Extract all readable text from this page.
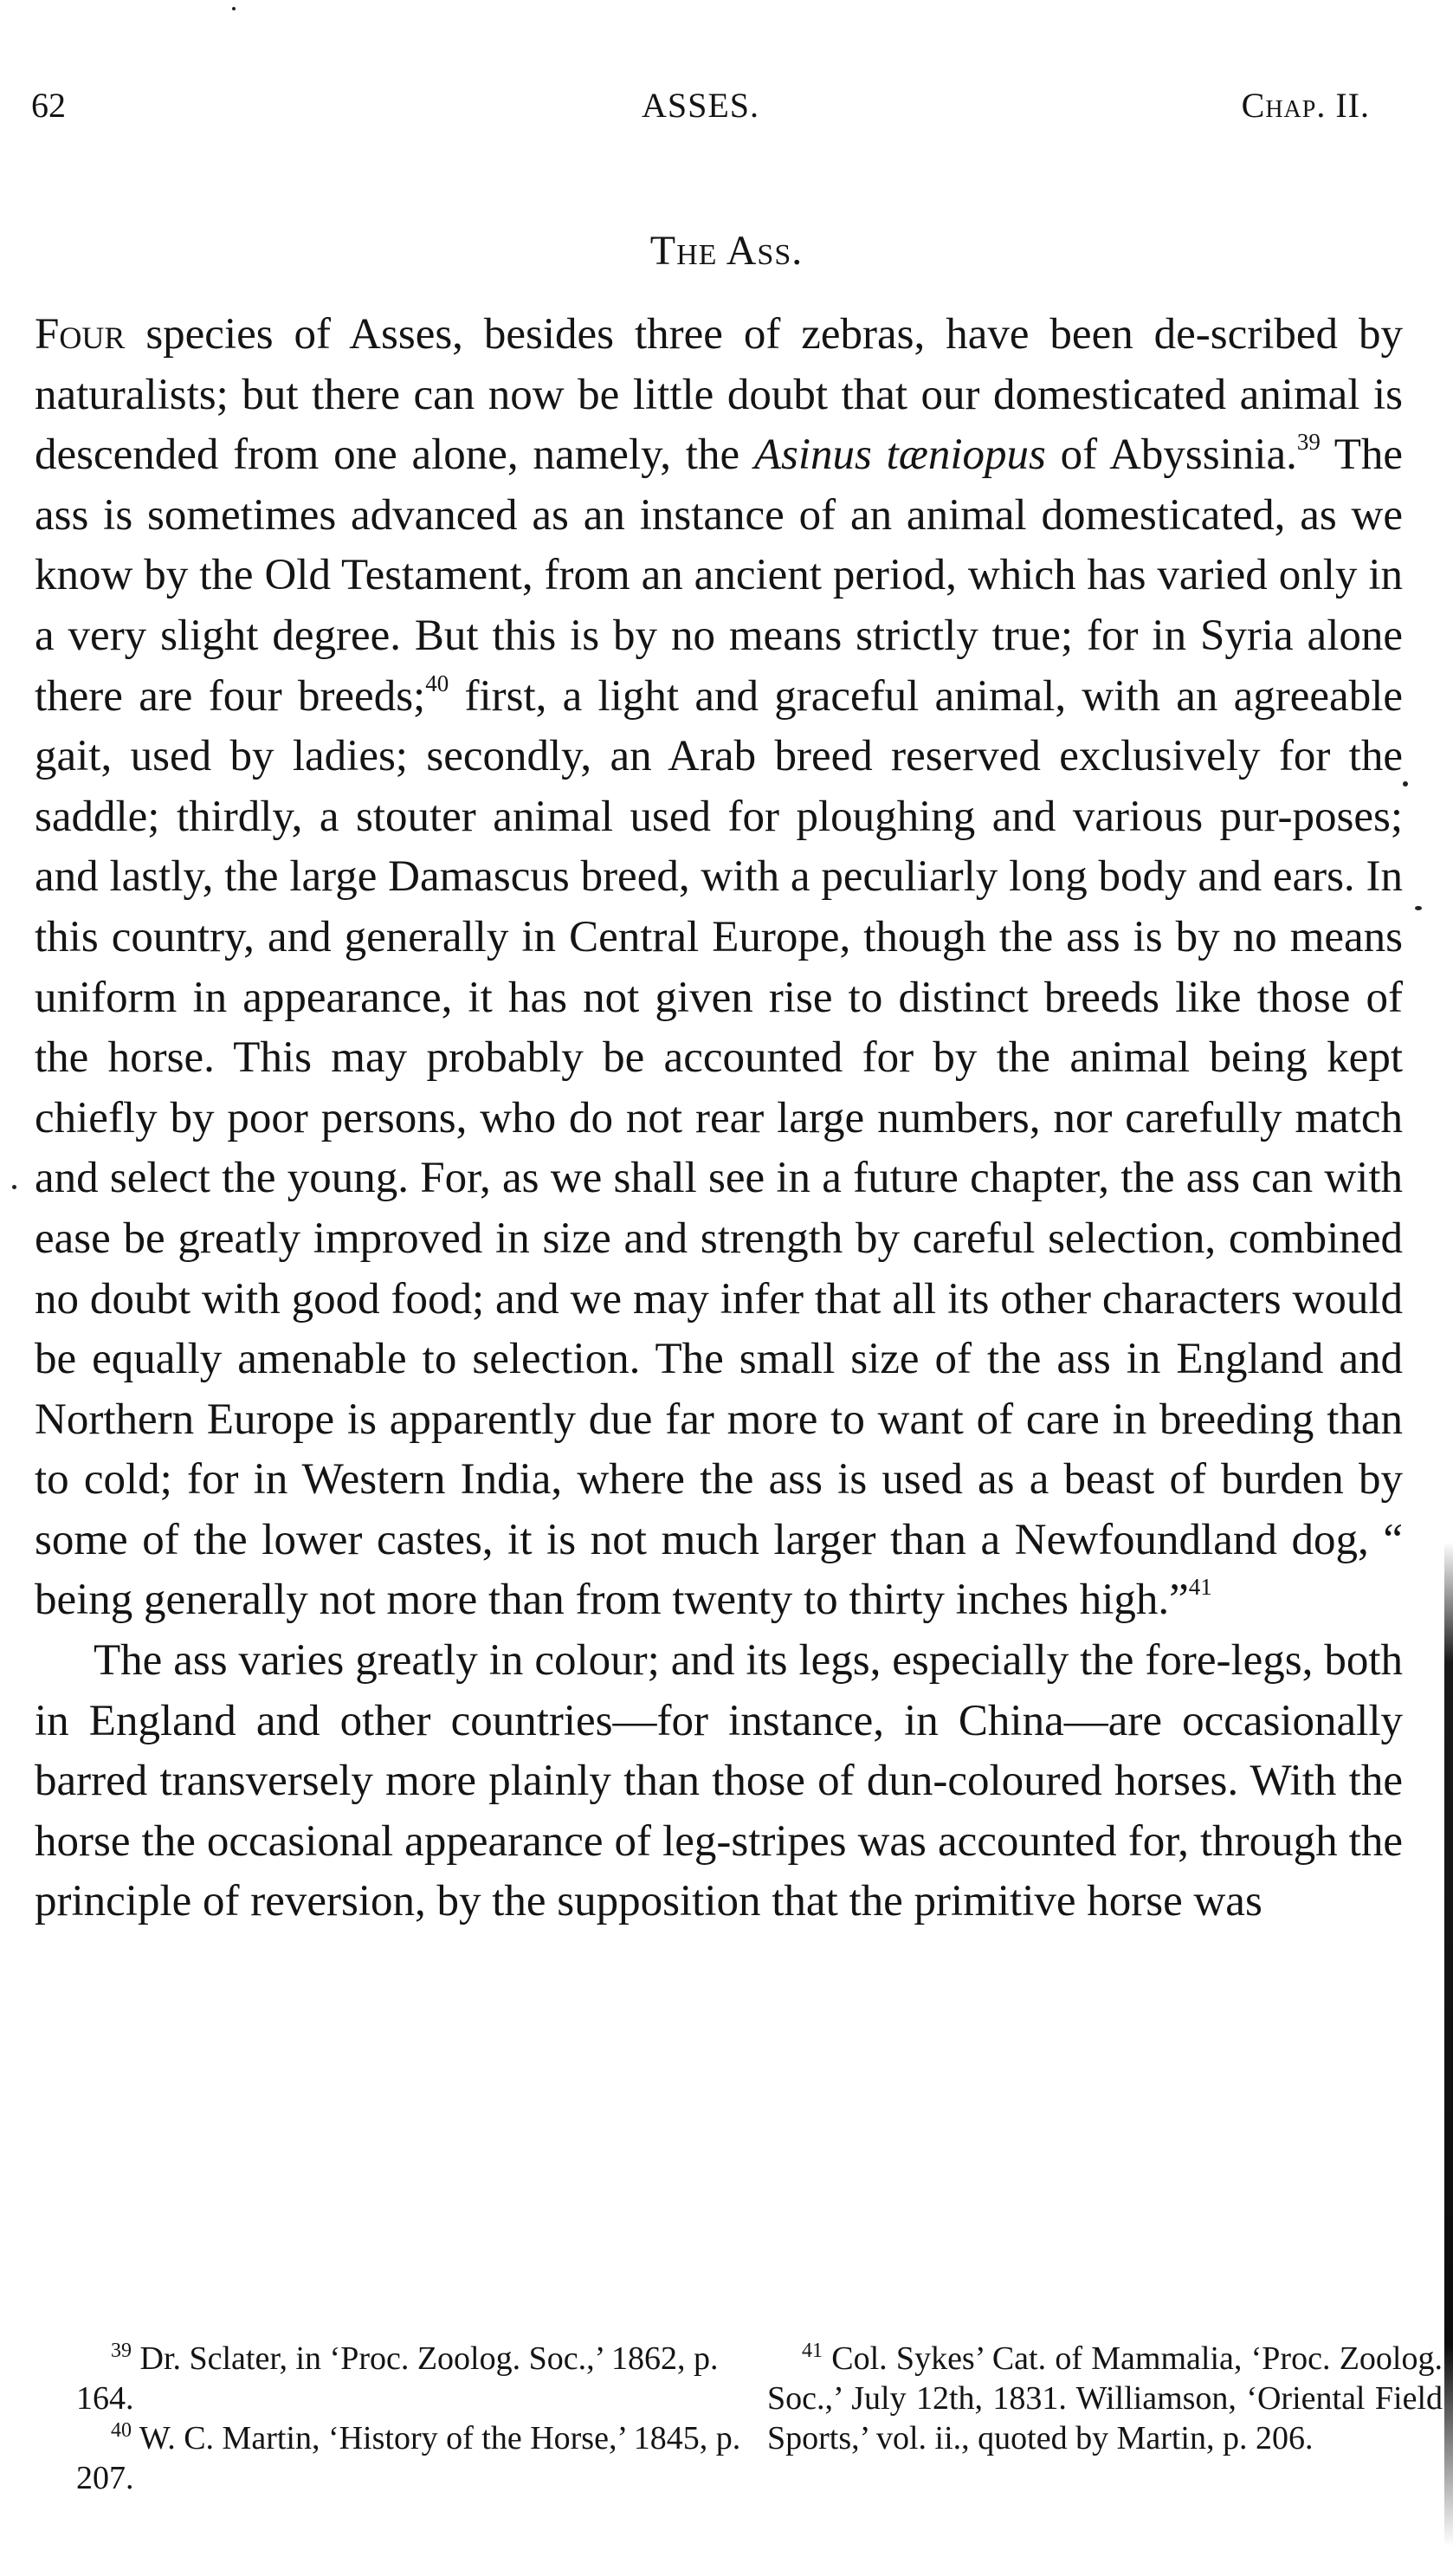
62	ASSES.	Chap. II.
The Ass.

Four species of Asses, besides three of zebras, have been de-scribed by naturalists; but there can now be little doubt that our domesticated animal is descended from one alone, namely, the Asinus tæniopus of Abyssinia.$^{39}$ The ass is sometimes advanced as an instance of an animal domesticated, as we know by the Old Testament, from an ancient period, which has varied only in a very slight degree. But this is by no means strictly true; for in Syria alone there are four breeds;$^{40}$ first, a light and graceful animal, with an agreeable gait, used by ladies; secondly, an Arab breed reserved exclusively for the saddle; thirdly, a stouter animal used for ploughing and various pur-poses; and lastly, the large Damascus breed, with a peculiarly long body and ears. In this country, and generally in Central Europe, though the ass is by no means uniform in appearance, it has not given rise to distinct breeds like those of the horse. This may probably be accounted for by the animal being kept chiefly by poor persons, who do not rear large numbers, nor carefully match and select the young. For, as we shall see in a future chapter, the ass can with ease be greatly improved in size and strength by careful selection, combined no doubt with good food; and we may infer that all its other characters would be equally amenable to selection. The small size of the ass in England and Northern Europe is apparently due far more to want of care in breeding than to cold; for in Western India, where the ass is used as a beast of burden by some of the lower castes, it is not much larger than a Newfoundland dog, “ being generally not more than from twenty to thirty inches high.”$^{41}$

The ass varies greatly in colour; and its legs, especially the fore-legs, both in England and other countries—for instance, in China—are occasionally barred transversely more plainly than those of dun-coloured horses. With the horse the occasional appearance of leg-stripes was accounted for, through the principle of reversion, by the supposition that the primitive horse was

$^{39}$ Dr. Sclater, in ‘Proc. Zoolog. Soc.,’ 1862, p. 164.

$^{40}$ W. C. Martin, ‘History of the Horse,’ 1845, p. 207.

$^{41}$ Col. Sykes’ Cat. of Mammalia, ‘Proc. Zoolog. Soc.,’ July 12th, 1831. Williamson, ‘Oriental Field Sports,’ vol. ii., quoted by Martin, p. 206.
